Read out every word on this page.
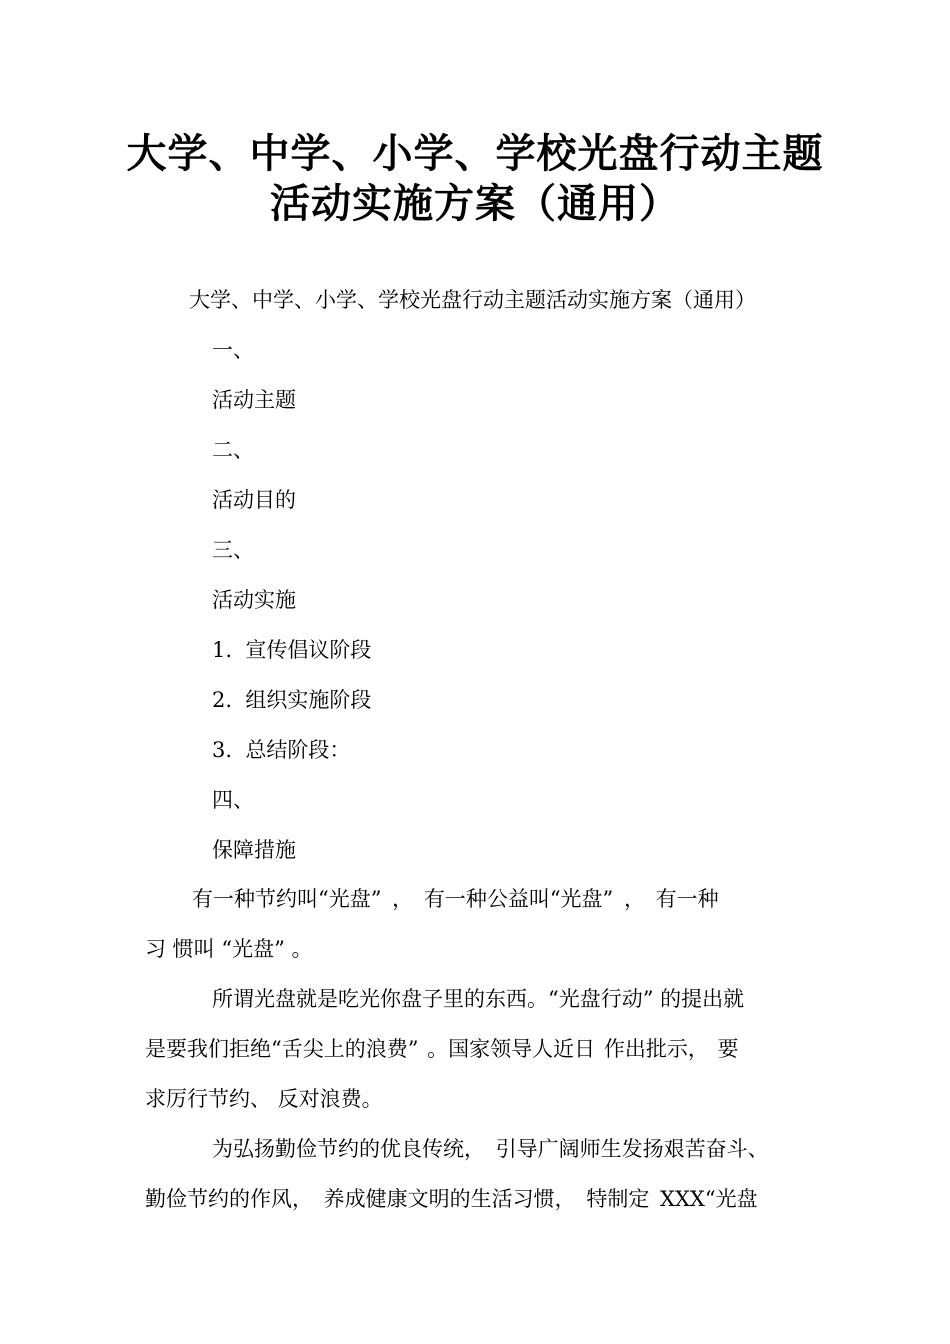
大学、中学、小学、学校光盘行动主题
活动实施方案（通用）
大学、中学、小学、学校光盘行动主题活动实施方案（通用）
一、
活动主题
二、
活动目的
三、
活动实施
1.  宣传倡议阶段
2.  组织实施阶段
3.  总结阶段：
四、
保障措施
有一种节约叫“光盘” ， 有一种公益叫“光盘” ， 有一种
习 惯叫 “光盘” 。
所谓光盘就是吃光你盘子里的东西。“光盘行动” 的提出就
是要我们拒绝“舌尖上的浪费” 。国家领导人近日 作出批示， 要
求厉行节约、 反对浪费。
为弘扬勤俭节约的优良传统， 引导广阔师生发扬艰苦奋斗、
勤俭节约的作风， 养成健康文明的生活习惯， 特制定 XXX“光盘
